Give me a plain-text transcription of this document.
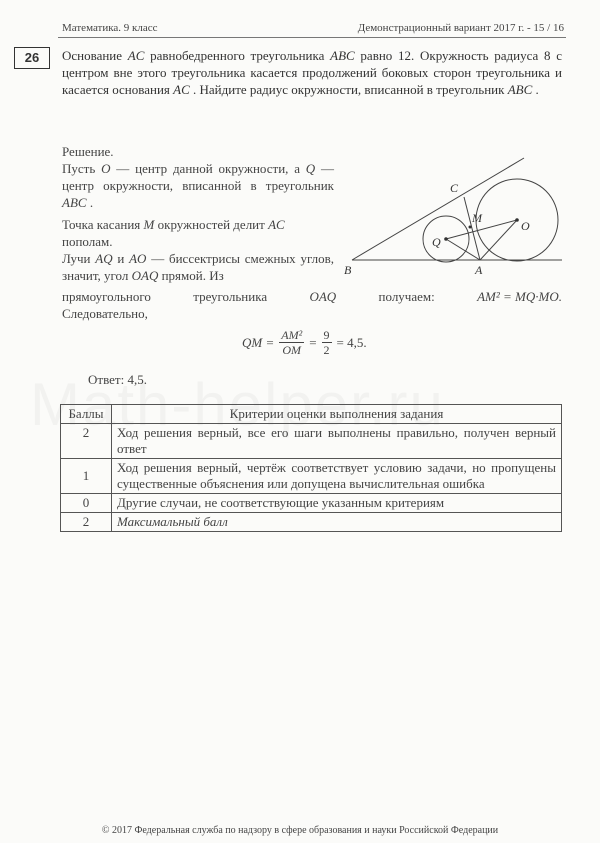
Математика. 9 класс	Демонстрационный вариант 2017 г. - 15 / 16
26	Основание AC равнобедренного треугольника ABC равно 12. Окружность радиуса 8 с центром вне этого треугольника касается продолжений боковых сторон треугольника и касается основания AC . Найдите радиус окружности, вписанной в треугольник ABC .
Решение.
Пусть O — центр данной окружности, а Q — центр окружности, вписанной в треугольник ABC .
Точка касания M окружностей делит AC пополам.
Лучи AQ и AO — биссектрисы смежных углов, значит, угол OAQ прямой. Из
прямоугольного	треугольника	OAQ	получаем:	AM² = MQ·MO.
Следовательно,
QM = $\frac{\text{AM²}}{OM} = \frac{9}{2} = 4,5$.
Ответ: 4,5.
B
C
A
M
O
Q
Баллы	Критерии оценки выполнения задания
2	Ход решения верный, все его шаги выполнены правильно, получен верный ответ
1	Ход решения верный, чертёж соответствует условию задачи, но пропущены существенные объяснения или допущена вычислительная ошибка
0	Другие случаи, не соответствующие указанным критериям
2	Максимальный балл
© 2017 Федеральная служба по надзору в сфере образования и науки Российской Федерации
